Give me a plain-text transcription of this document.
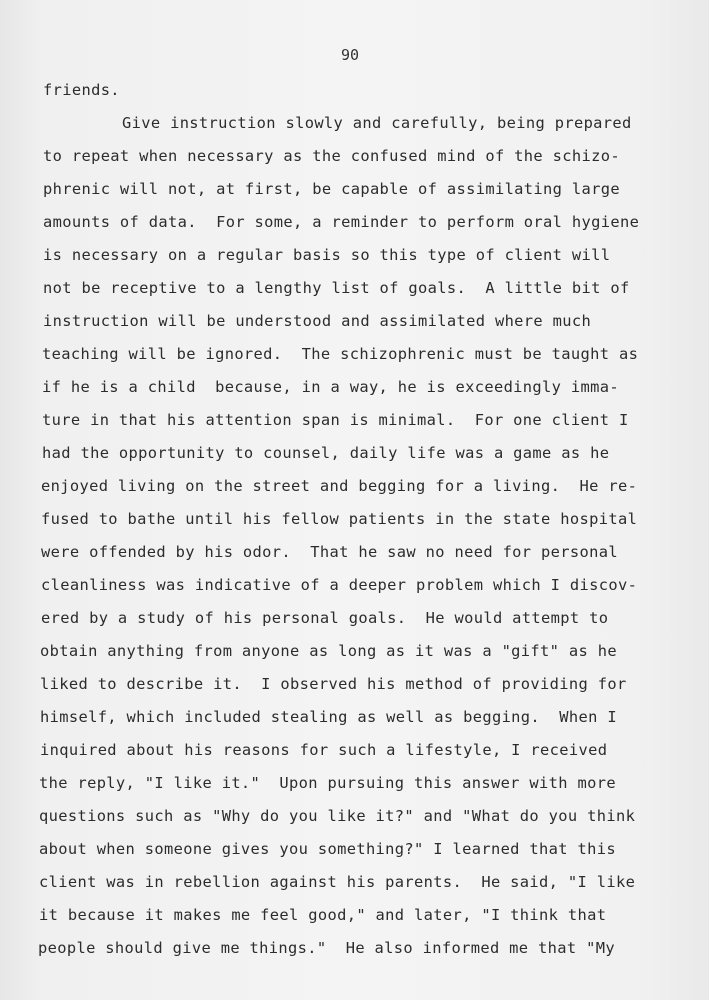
90
friends.
Give instruction slowly and carefully, being prepared
to repeat when necessary as the confused mind of the schizo-
phrenic will not, at first, be capable of assimilating large
amounts of data.  For some, a reminder to perform oral hygiene
is necessary on a regular basis so this type of client will
not be receptive to a lengthy list of goals.  A little bit of
instruction will be understood and assimilated where much
teaching will be ignored.  The schizophrenic must be taught as
if he is a child  because, in a way, he is exceedingly imma-
ture in that his attention span is minimal.  For one client I
had the opportunity to counsel, daily life was a game as he
enjoyed living on the street and begging for a living.  He re-
fused to bathe until his fellow patients in the state hospital
were offended by his odor.  That he saw no need for personal
cleanliness was indicative of a deeper problem which I discov-
ered by a study of his personal goals.  He would attempt to
obtain anything from anyone as long as it was a "gift" as he
liked to describe it.  I observed his method of providing for
himself, which included stealing as well as begging.  When I
inquired about his reasons for such a lifestyle, I received
the reply, "I like it."  Upon pursuing this answer with more
questions such as "Why do you like it?" and "What do you think
about when someone gives you something?" I learned that this
client was in rebellion against his parents.  He said, "I like
it because it makes me feel good," and later, "I think that
people should give me things."  He also informed me that "My
